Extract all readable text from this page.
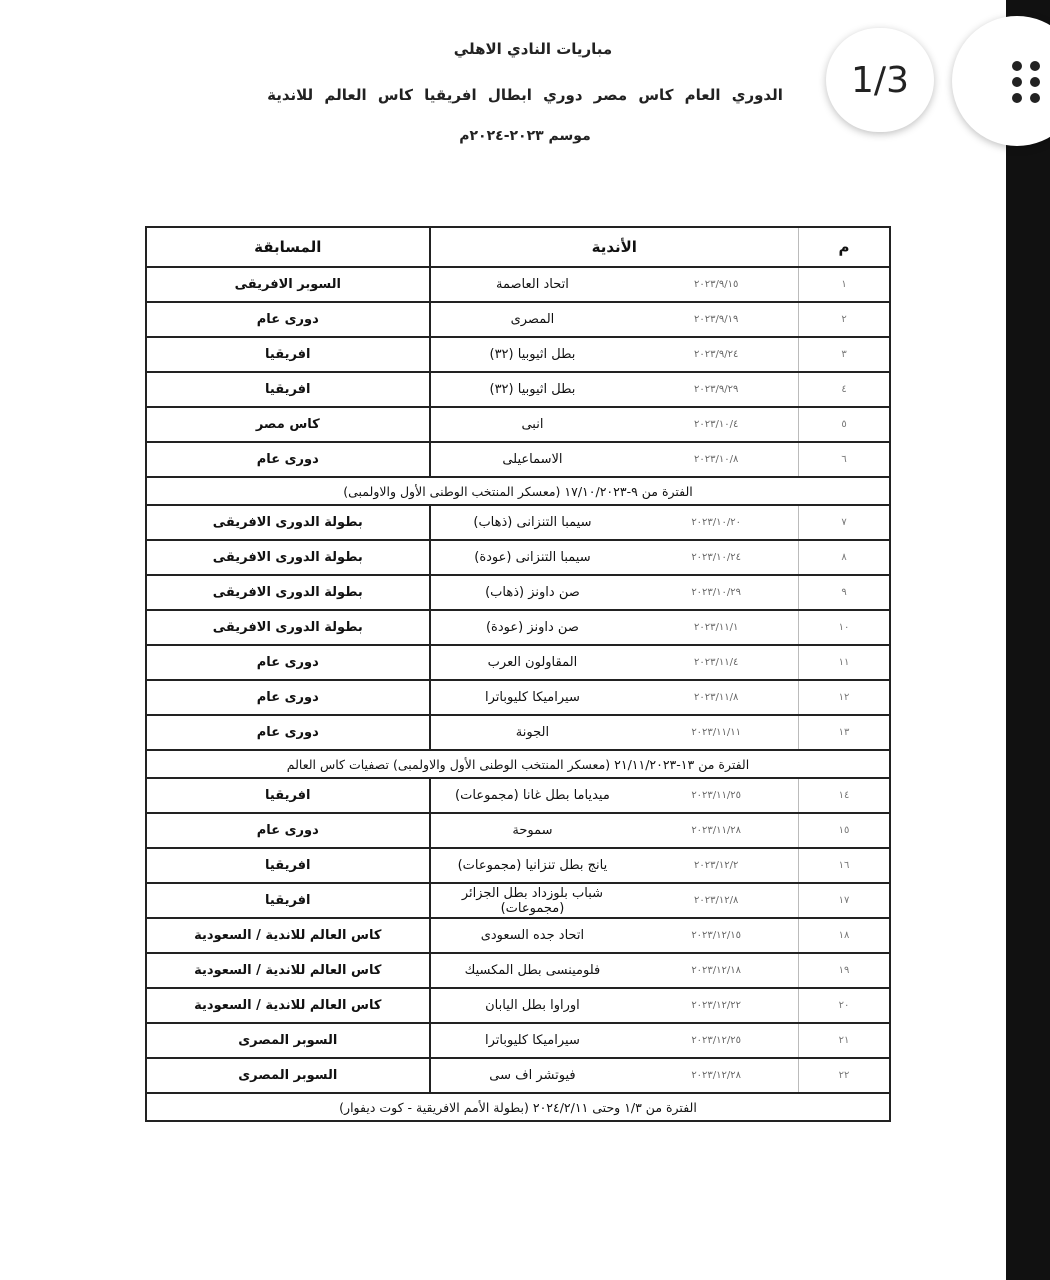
مباريات النادي الاهلي
الدوري العام كاس مصر دوري ابطال افريقيا كاس العالم للاندية
موسم ٢٠٢٣-٢٠٢٤م
م	الأندية		المسابقة
١	٢٠٢٣/٩/١٥	اتحاد العاصمة	السوبر الافريقى
٢	٢٠٢٣/٩/١٩	المصرى	دورى عام
٣	٢٠٢٣/٩/٢٤	بطل اثيوبيا (٣٢)	افريقيا
٤	٢٠٢٣/٩/٢٩	بطل اثيوبيا (٣٢)	افريقيا
٥	٢٠٢٣/١٠/٤	انبى	كاس مصر
٦	٢٠٢٣/١٠/٨	الاسماعيلى	دورى عام
الفترة من ٩-١٧/١٠/٢٠٢٣ (معسكر المنتخب الوطنى الأول والاولمبى)			
٧	٢٠٢٣/١٠/٢٠	سيمبا التنزانى (ذهاب)	بطولة الدورى الافريقى
٨	٢٠٢٣/١٠/٢٤	سيمبا التنزانى (عودة)	بطولة الدورى الافريقى
٩	٢٠٢٣/١٠/٢٩	صن داونز (ذهاب)	بطولة الدورى الافريقى
١٠	٢٠٢٣/١١/١	صن داونز (عودة)	بطولة الدورى الافريقى
١١	٢٠٢٣/١١/٤	المقاولون العرب	دورى عام
١٢	٢٠٢٣/١١/٨	سيراميكا كليوباترا	دورى عام
١٣	٢٠٢٣/١١/١١	الجونة	دورى عام
الفترة من ١٣-٢١/١١/٢٠٢٣ (معسكر المنتخب الوطنى الأول والاولمبى) تصفيات كاس العالم			
١٤	٢٠٢٣/١١/٢٥	ميدياما بطل غانا (مجموعات)	افريقيا
١٥	٢٠٢٣/١١/٢٨	سموحة	دورى عام
١٦	٢٠٢٣/١٢/٢	يانج بطل تنزانيا (مجموعات)	افريقيا
١٧	٢٠٢٣/١٢/٨	شباب بلوزداد بطل الجزائر (مجموعات)	افريقيا
١٨	٢٠٢٣/١٢/١٥	اتحاد جده السعودى	كاس العالم للاندية / السعودية
١٩	٢٠٢٣/١٢/١٨	فلومينسى بطل المكسيك	كاس العالم للاندية / السعودية
٢٠	٢٠٢٣/١٢/٢٢	اوراوا بطل اليابان	كاس العالم للاندية / السعودية
٢١	٢٠٢٣/١٢/٢٥	سيراميكا كليوباترا	السوبر المصرى
٢٢	٢٠٢٣/١٢/٢٨	فيوتشر اف سى	السوبر المصرى
الفترة من ١/٣ وحتى ٢٠٢٤/٢/١١ (بطولة الأمم الافريقية - كوت ديفوار)			
1/3
